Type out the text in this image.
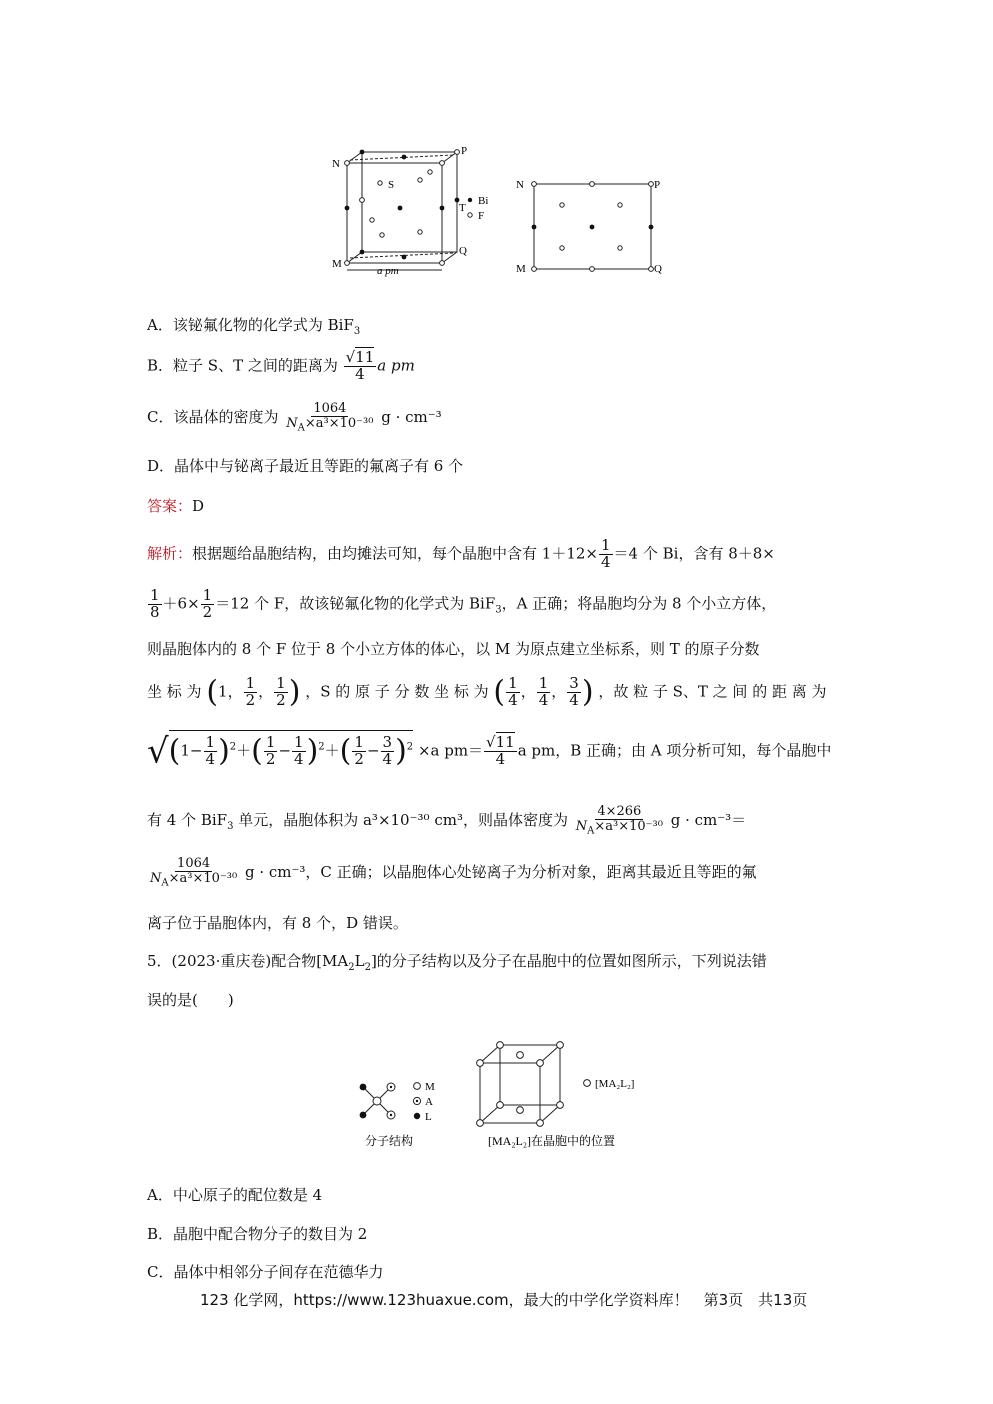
N
P
M
Q
S
T
Bi
F
a pm
N	P
M	Q
A．该铋氟化物的化学式为 BiF$_3$
B．粒子 S、T 之间的距离为 $\frac{√11}{4}$ a pm
C．该晶体的密度为 $\frac{1064}{N_A\times a^3\times 10^{-30}}$ g · cm⁻³
D．晶体中与铋离子最近且等距的氟离子有 6 个
答案：D
解析：根据题给晶胞结构，由均摊法可知，每个晶胞中含有 $1+12\times \frac{1}{4} =4$ 个 Bi，含有 8＋8×
$\frac{1}{8} +6\times \frac{1}{2} =12$ 个 F，故该铋氟化物的化学式为 BiF$_3$，A 正确；将晶胞均分为 8 个小立方体，
则晶胞体内的 8 个 F 位于 8 个小立方体的体心，以 M 为原点建立坐标系，则 T 的原子分数
坐 标 为 (1， $\frac{1}{2}$ ， $\frac{1}{2}$ ) ，S 的 原 子 分 数 坐 标 为 ( $\frac{1}{4}$ ， $\frac{1}{4}$ ， $\frac{3}{4}$ ) ，故 粒 子 S、T 之 间 的 距 离 为
$√(1- \frac{1}{4} )^2+( \frac{1}{2} - \frac{1}{4} )^2+( \frac{1}{2} - \frac{3}{4} )^2 \times a$ $pm= \frac{√11}{4}$ a pm，B 正确；由 A 项分析可知，每个晶胞中
有 4 个 BiF$_3$ 单元，晶胞体积为 a³×10⁻³⁰ cm³，则晶体密度为 $\frac{4\times 266}{N_A\times a^3\times 10^{-30}}$ g · cm⁻³＝
$\frac{1064}{N_A\times a^3\times 10^{-30}}$ g · cm⁻³，C 正确；以晶胞体心处铋离子为分析对象，距离其最近且等距的氟
离子位于晶胞体内，有 8 个，D 错误。
5．(2023·重庆卷)配合物$[MA_2L_2]$的分子结构以及分子在晶胞中的位置如图所示，下列说法错
误的是(　　)
M
A
L
[MA₂L₂]
分子结构	[MA₂L₂]在晶胞中的位置
A．中心原子的配位数是 4
B．晶胞中配合物分子的数目为 2
C．晶体中相邻分子间存在范德华力
123 化学网，https://www.123huaxue.com，最大的中学化学资料库！　第3页　共13页
